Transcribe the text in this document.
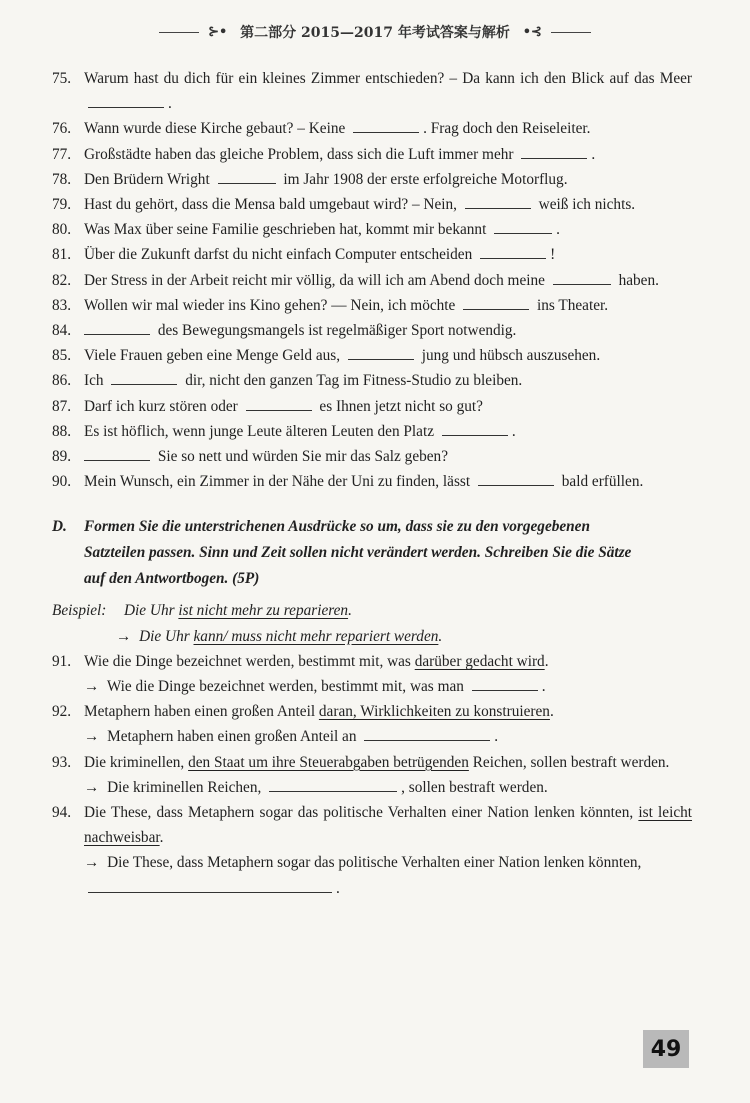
⊱• 第二部分 2015—2017 年考试答案与解析 •⊰
75. Warum hast du dich für ein kleines Zimmer entschieden? – Da kann ich den Blick auf das Meer .
76. Wann wurde diese Kirche gebaut? – Keine	. Frag doch den Reiseleiter.
77. Großstädte haben das gleiche Problem, dass sich die Luft immer mehr	.
78. Den Brüdern Wright	im Jahr 1908 der erste erfolgreiche Motorflug.
79. Hast du gehört, dass die Mensa bald umgebaut wird? – Nein,	weiß ich nichts.
80. Was Max über seine Familie geschrieben hat, kommt mir bekannt	.
81. Über die Zukunft darfst du nicht einfach Computer entscheiden	!
82. Der Stress in der Arbeit reicht mir völlig, da will ich am Abend doch meine	haben.
83. Wollen wir mal wieder ins Kino gehen? — Nein, ich möchte	ins Theater.
84.	des Bewegungsmangels ist regelmäßiger Sport notwendig.
85. Viele Frauen geben eine Menge Geld aus,	jung und hübsch auszusehen.
86. Ich	dir, nicht den ganzen Tag im Fitness-Studio zu bleiben.
87. Darf ich kurz stören oder	es Ihnen jetzt nicht so gut?
88. Es ist höflich, wenn junge Leute älteren Leuten den Platz	.
89.	Sie so nett und würden Sie mir das Salz geben?
90. Mein Wunsch, ein Zimmer in der Nähe der Uni zu finden, lässt	bald erfüllen.
D. Formen Sie die unterstrichenen Ausdrücke so um, dass sie zu den vorgegebenen
Satzteilen passen. Sinn und Zeit sollen nicht verändert werden. Schreiben Sie die Sätze
auf den Antwortbogen. (5P)
Beispiel: Die Uhr ist nicht mehr zu reparieren.
→ Die Uhr kann/ muss nicht mehr repariert werden.
91. Wie die Dinge bezeichnet werden, bestimmt mit, was darüber gedacht wird.
→ Wie die Dinge bezeichnet werden, bestimmt mit, was man	.
92. Metaphern haben einen großen Anteil daran, Wirklichkeiten zu konstruieren.
→ Metaphern haben einen großen Anteil an	.
93. Die kriminellen, den Staat um ihre Steuerabgaben betrügenden Reichen, sollen bestraft werden.
→ Die kriminellen Reichen,	, sollen bestraft werden.
94. Die These, dass Metaphern sogar das politische Verhalten einer Nation lenken könnten, ist leicht nachweisbar.
→ Die These, dass Metaphern sogar das politische Verhalten einer Nation lenken könnten, .
49
